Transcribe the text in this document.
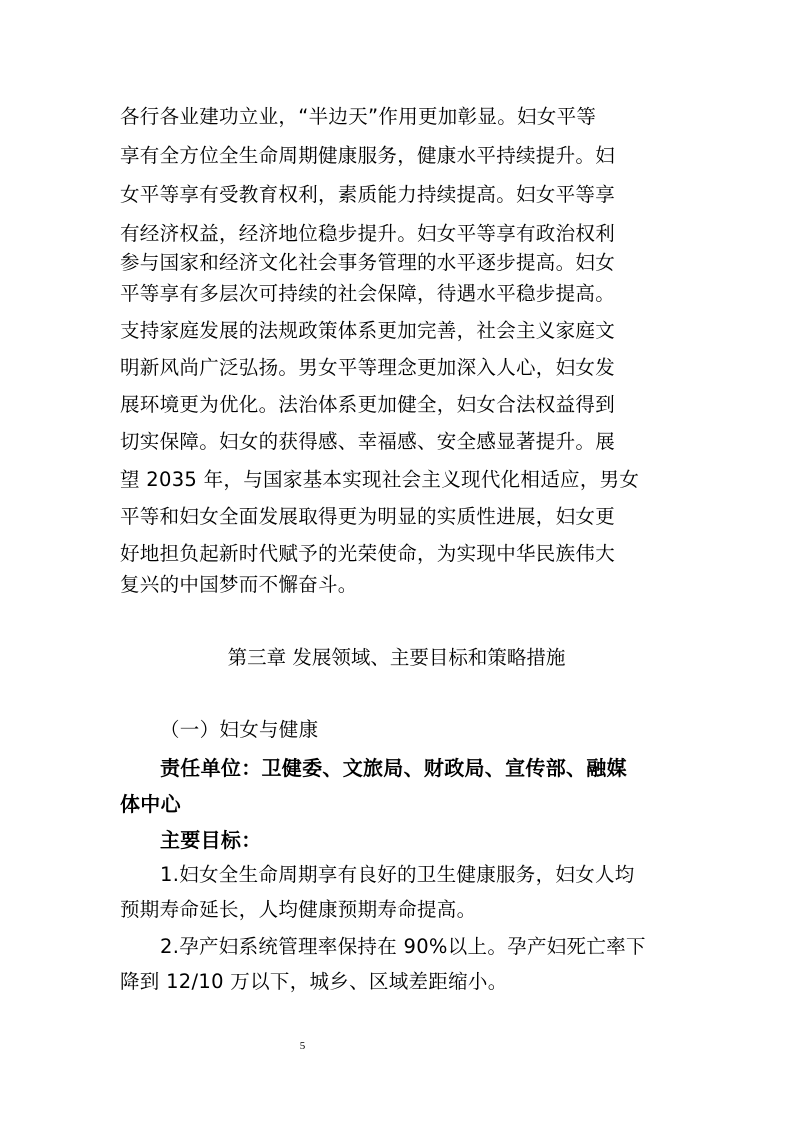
各行各业建功立业，“半边天”作用更加彰显。妇女平等
享有全方位全生命周期健康服务，健康水平持续提升。妇
女平等享有受教育权利，素质能力持续提高。妇女平等享
有经济权益，经济地位稳步提升。妇女平等享有政治权利
参与国家和经济文化社会事务管理的水平逐步提高。妇女
平等享有多层次可持续的社会保障，待遇水平稳步提高。
支持家庭发展的法规政策体系更加完善，社会主义家庭文
明新风尚广泛弘扬。男女平等理念更加深入人心，妇女发
展环境更为优化。法治体系更加健全，妇女合法权益得到
切实保障。妇女的获得感、幸福感、安全感显著提升。展
望 2035 年，与国家基本实现社会主义现代化相适应，男女
平等和妇女全面发展取得更为明显的实质性进展，妇女更
好地担负起新时代赋予的光荣使命，为实现中华民族伟大
复兴的中国梦而不懈奋斗。
第三章 发展领域、主要目标和策略措施
（一）妇女与健康
责任单位：卫健委、文旅局、财政局、宣传部、融媒
体中心
主要目标：
1.妇女全生命周期享有良好的卫生健康服务，妇女人均
预期寿命延长，人均健康预期寿命提高。
2.孕产妇系统管理率保持在 90%以上。孕产妇死亡率下
降到 12/10 万以下，城乡、区域差距缩小。
5
